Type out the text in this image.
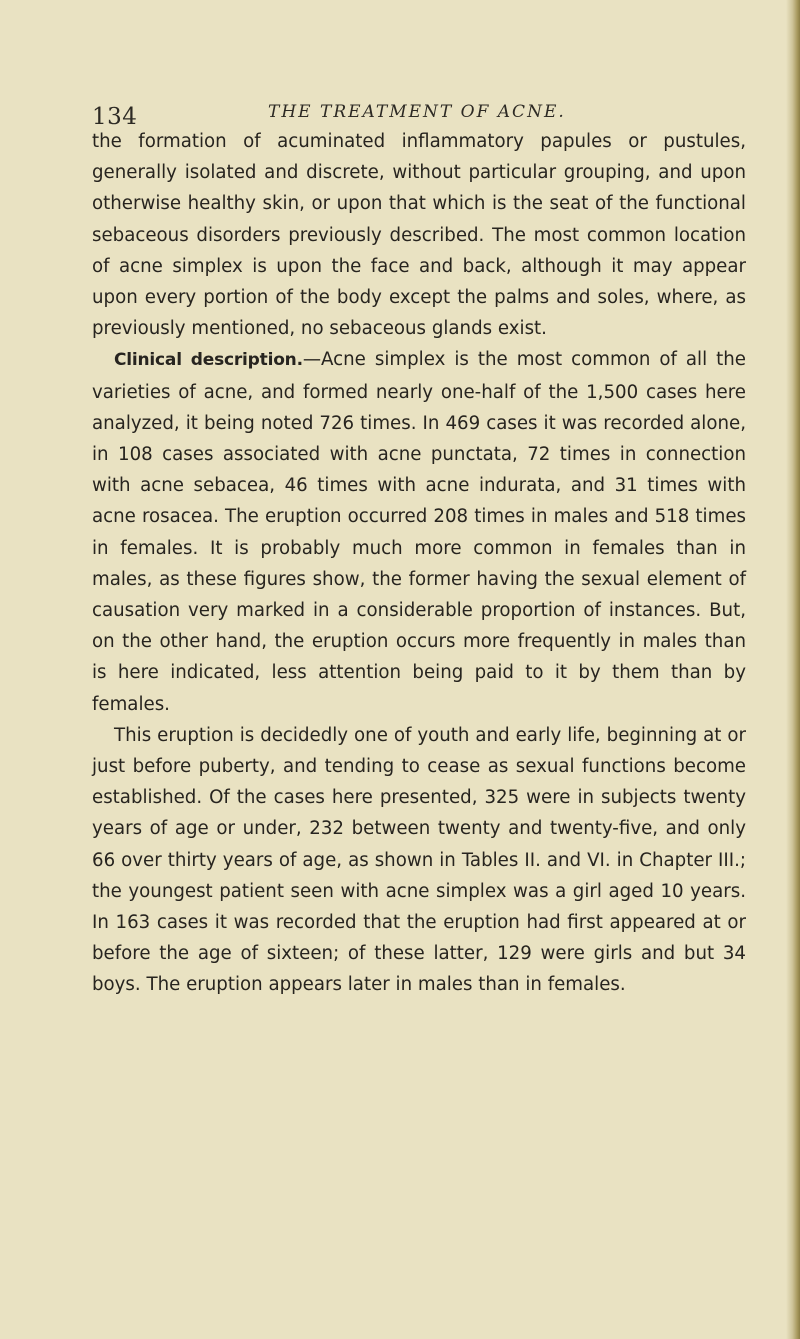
134	THE TREATMENT OF ACNE.

the formation of acuminated inflammatory papules or pustules, generally isolated and discrete, without particular grouping, and upon otherwise healthy skin, or upon that which is the seat of the functional sebaceous disorders previously described. The most common location of acne simplex is upon the face and back, although it may appear upon every portion of the body except the palms and soles, where, as previously mentioned, no sebaceous glands exist.

Clinical description.—Acne simplex is the most common of all the varieties of acne, and formed nearly one-half of the 1,500 cases here analyzed, it being noted 726 times. In 469 cases it was recorded alone, in 108 cases associated with acne punctata, 72 times in connection with acne sebacea, 46 times with acne indurata, and 31 times with acne rosacea. The eruption occurred 208 times in males and 518 times in females. It is probably much more common in females than in males, as these figures show, the former having the sexual element of causation very marked in a considerable proportion of instances. But, on the other hand, the eruption occurs more frequently in males than is here indicated, less attention being paid to it by them than by females.

This eruption is decidedly one of youth and early life, beginning at or just before puberty, and tending to cease as sexual functions become established. Of the cases here presented, 325 were in subjects twenty years of age or under, 232 between twenty and twenty-five, and only 66 over thirty years of age, as shown in Tables II. and VI. in Chapter III.; the youngest patient seen with acne simplex was a girl aged 10 years. In 163 cases it was recorded that the eruption had first appeared at or before the age of sixteen; of these latter, 129 were girls and but 34 boys. The eruption appears later in males than in females.
